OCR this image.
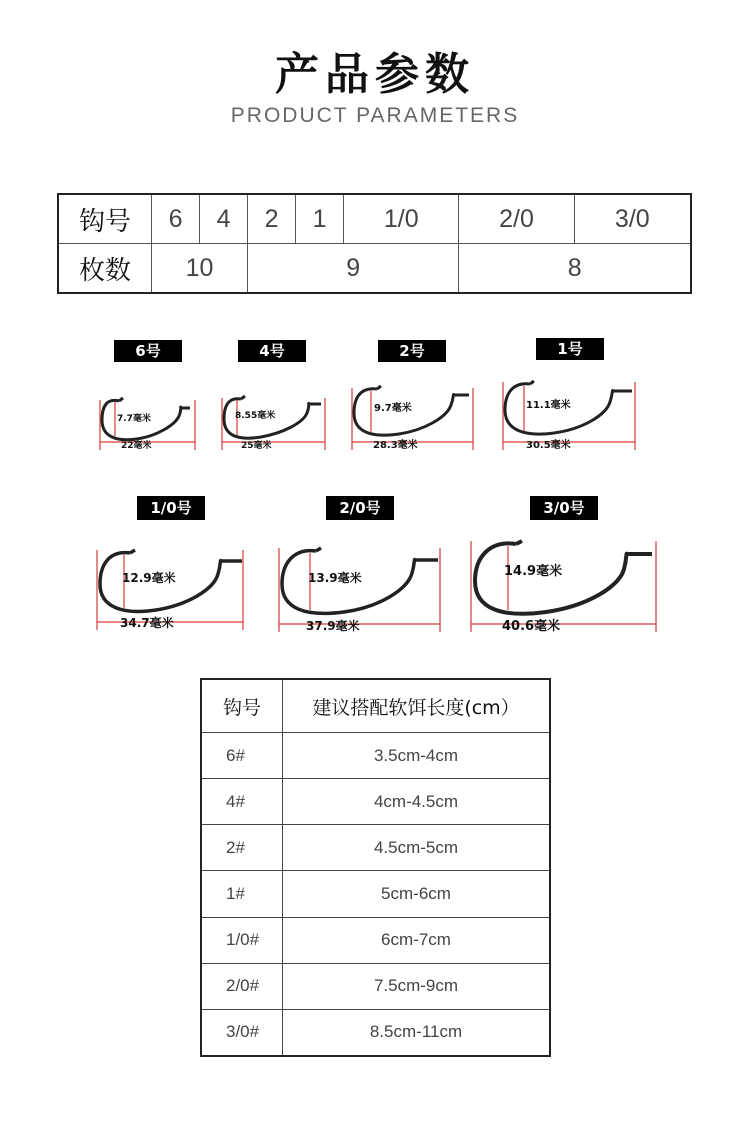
产品参数
PRODUCT PARAMETERS
钩号	6	4	2	1	1/0	2/0	3/0
枚数	10		9			8	
6号
7.7毫米
22毫米
4号
8.55毫米
25毫米
2号
9.7毫米
28.3毫米
1号
11.1毫米
30.5毫米
1/0号
12.9毫米
34.7毫米
2/0号
13.9毫米
37.9毫米
3/0号
14.9毫米
40.6毫米
钩号	建议搭配软饵长度(cm）
6#	3.5cm-4cm
4#	4cm-4.5cm
2#	4.5cm-5cm
1#	5cm-6cm
1/0#	6cm-7cm
2/0#	7.5cm-9cm
3/0#	8.5cm-11cm
